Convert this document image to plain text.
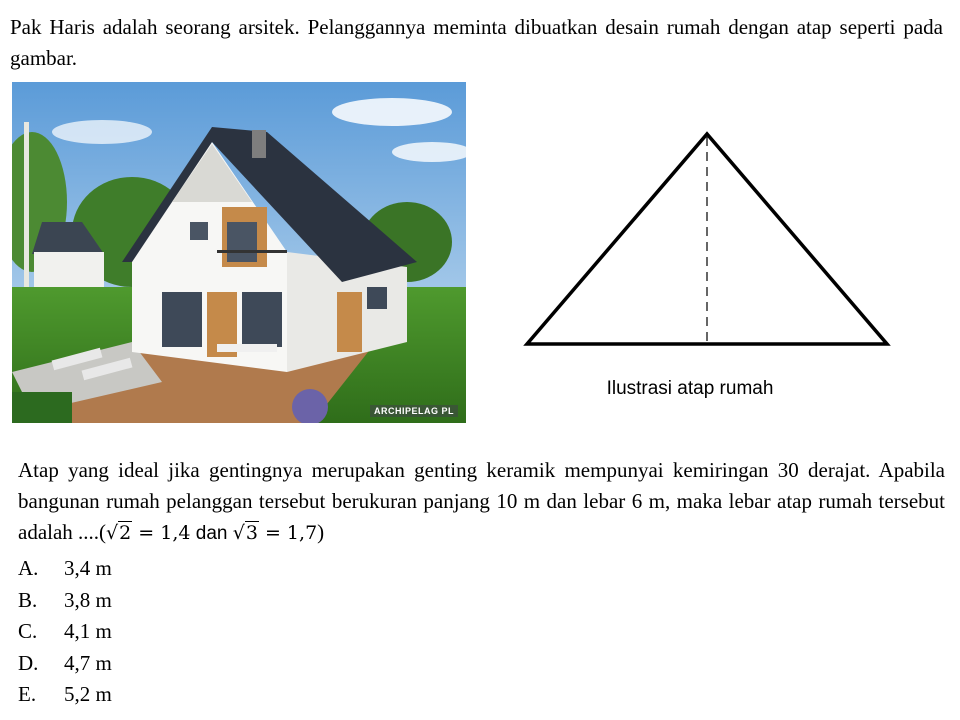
Pak Haris adalah seorang arsitek. Pelanggannya meminta dibuatkan desain rumah dengan atap seperti pada gambar.

ARCHIPELAG PL
Ilustrasi atap rumah

Atap yang ideal jika gentingnya merupakan genting keramik mempunyai kemiringan 30 derajat. Apabila bangunan rumah pelanggan tersebut berukuran panjang 10 m dan lebar 6 m, maka lebar atap rumah tersebut adalah ....(√2 = 1,4 dan √3 = 1,7)

A. 3,4 m
B. 3,8 m
C. 4,1 m
D. 4,7 m
E. 5,2 m
